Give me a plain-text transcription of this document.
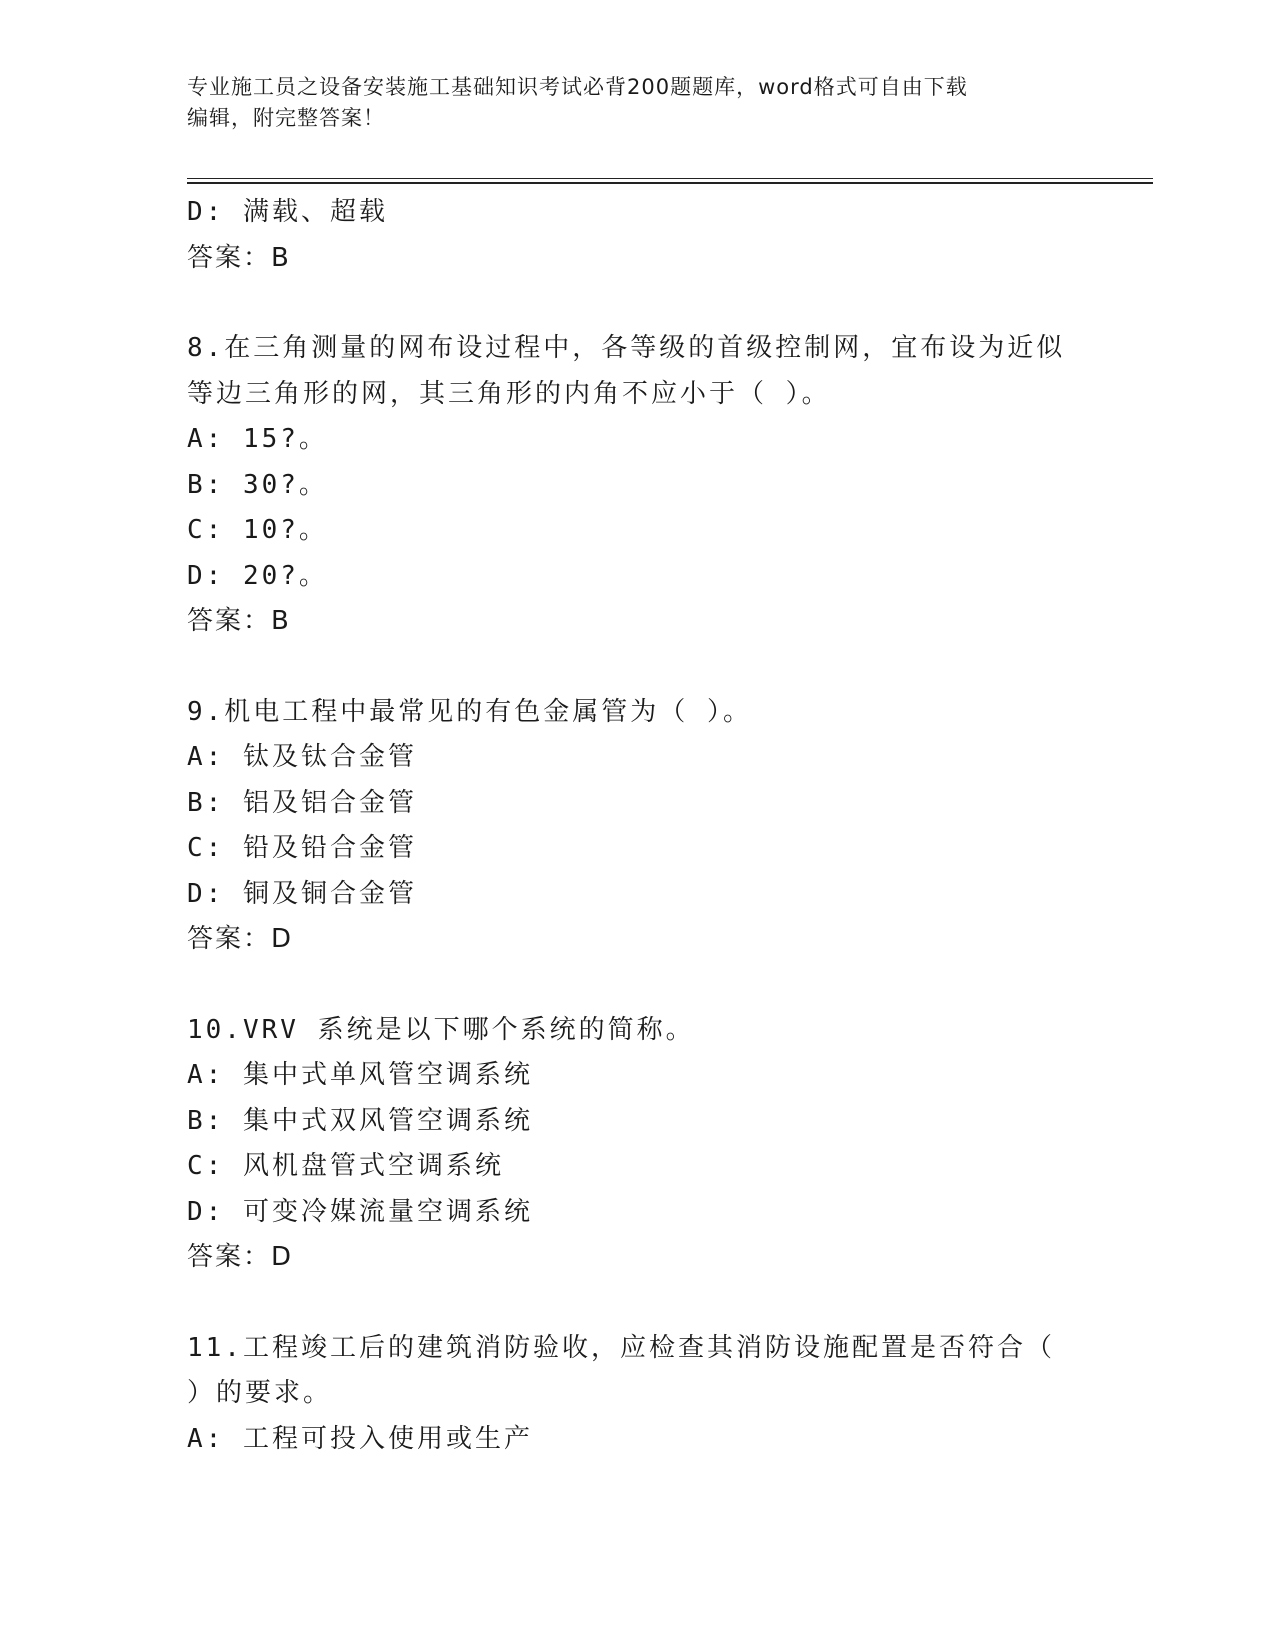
专业施工员之设备安装施工基础知识考试必背200题题库，word格式可自由下载
编辑，附完整答案！
D: 满载、超载
答案：B
8.在三角测量的网布设过程中，各等级的首级控制网，宜布设为近似
等边三角形的网，其三角形的内角不应小于（ ）。
A: 15?。
B: 30?。
C: 10?。
D: 20?。
答案：B
9.机电工程中最常见的有色金属管为（ ）。
A: 钛及钛合金管
B: 铝及铝合金管
C: 铅及铅合金管
D: 铜及铜合金管
答案：D
10.VRV 系统是以下哪个系统的简称。
A: 集中式单风管空调系统
B: 集中式双风管空调系统
C: 风机盘管式空调系统
D: 可变冷媒流量空调系统
答案：D
11.工程竣工后的建筑消防验收，应检查其消防设施配置是否符合（
）的要求。
A: 工程可投入使用或生产
